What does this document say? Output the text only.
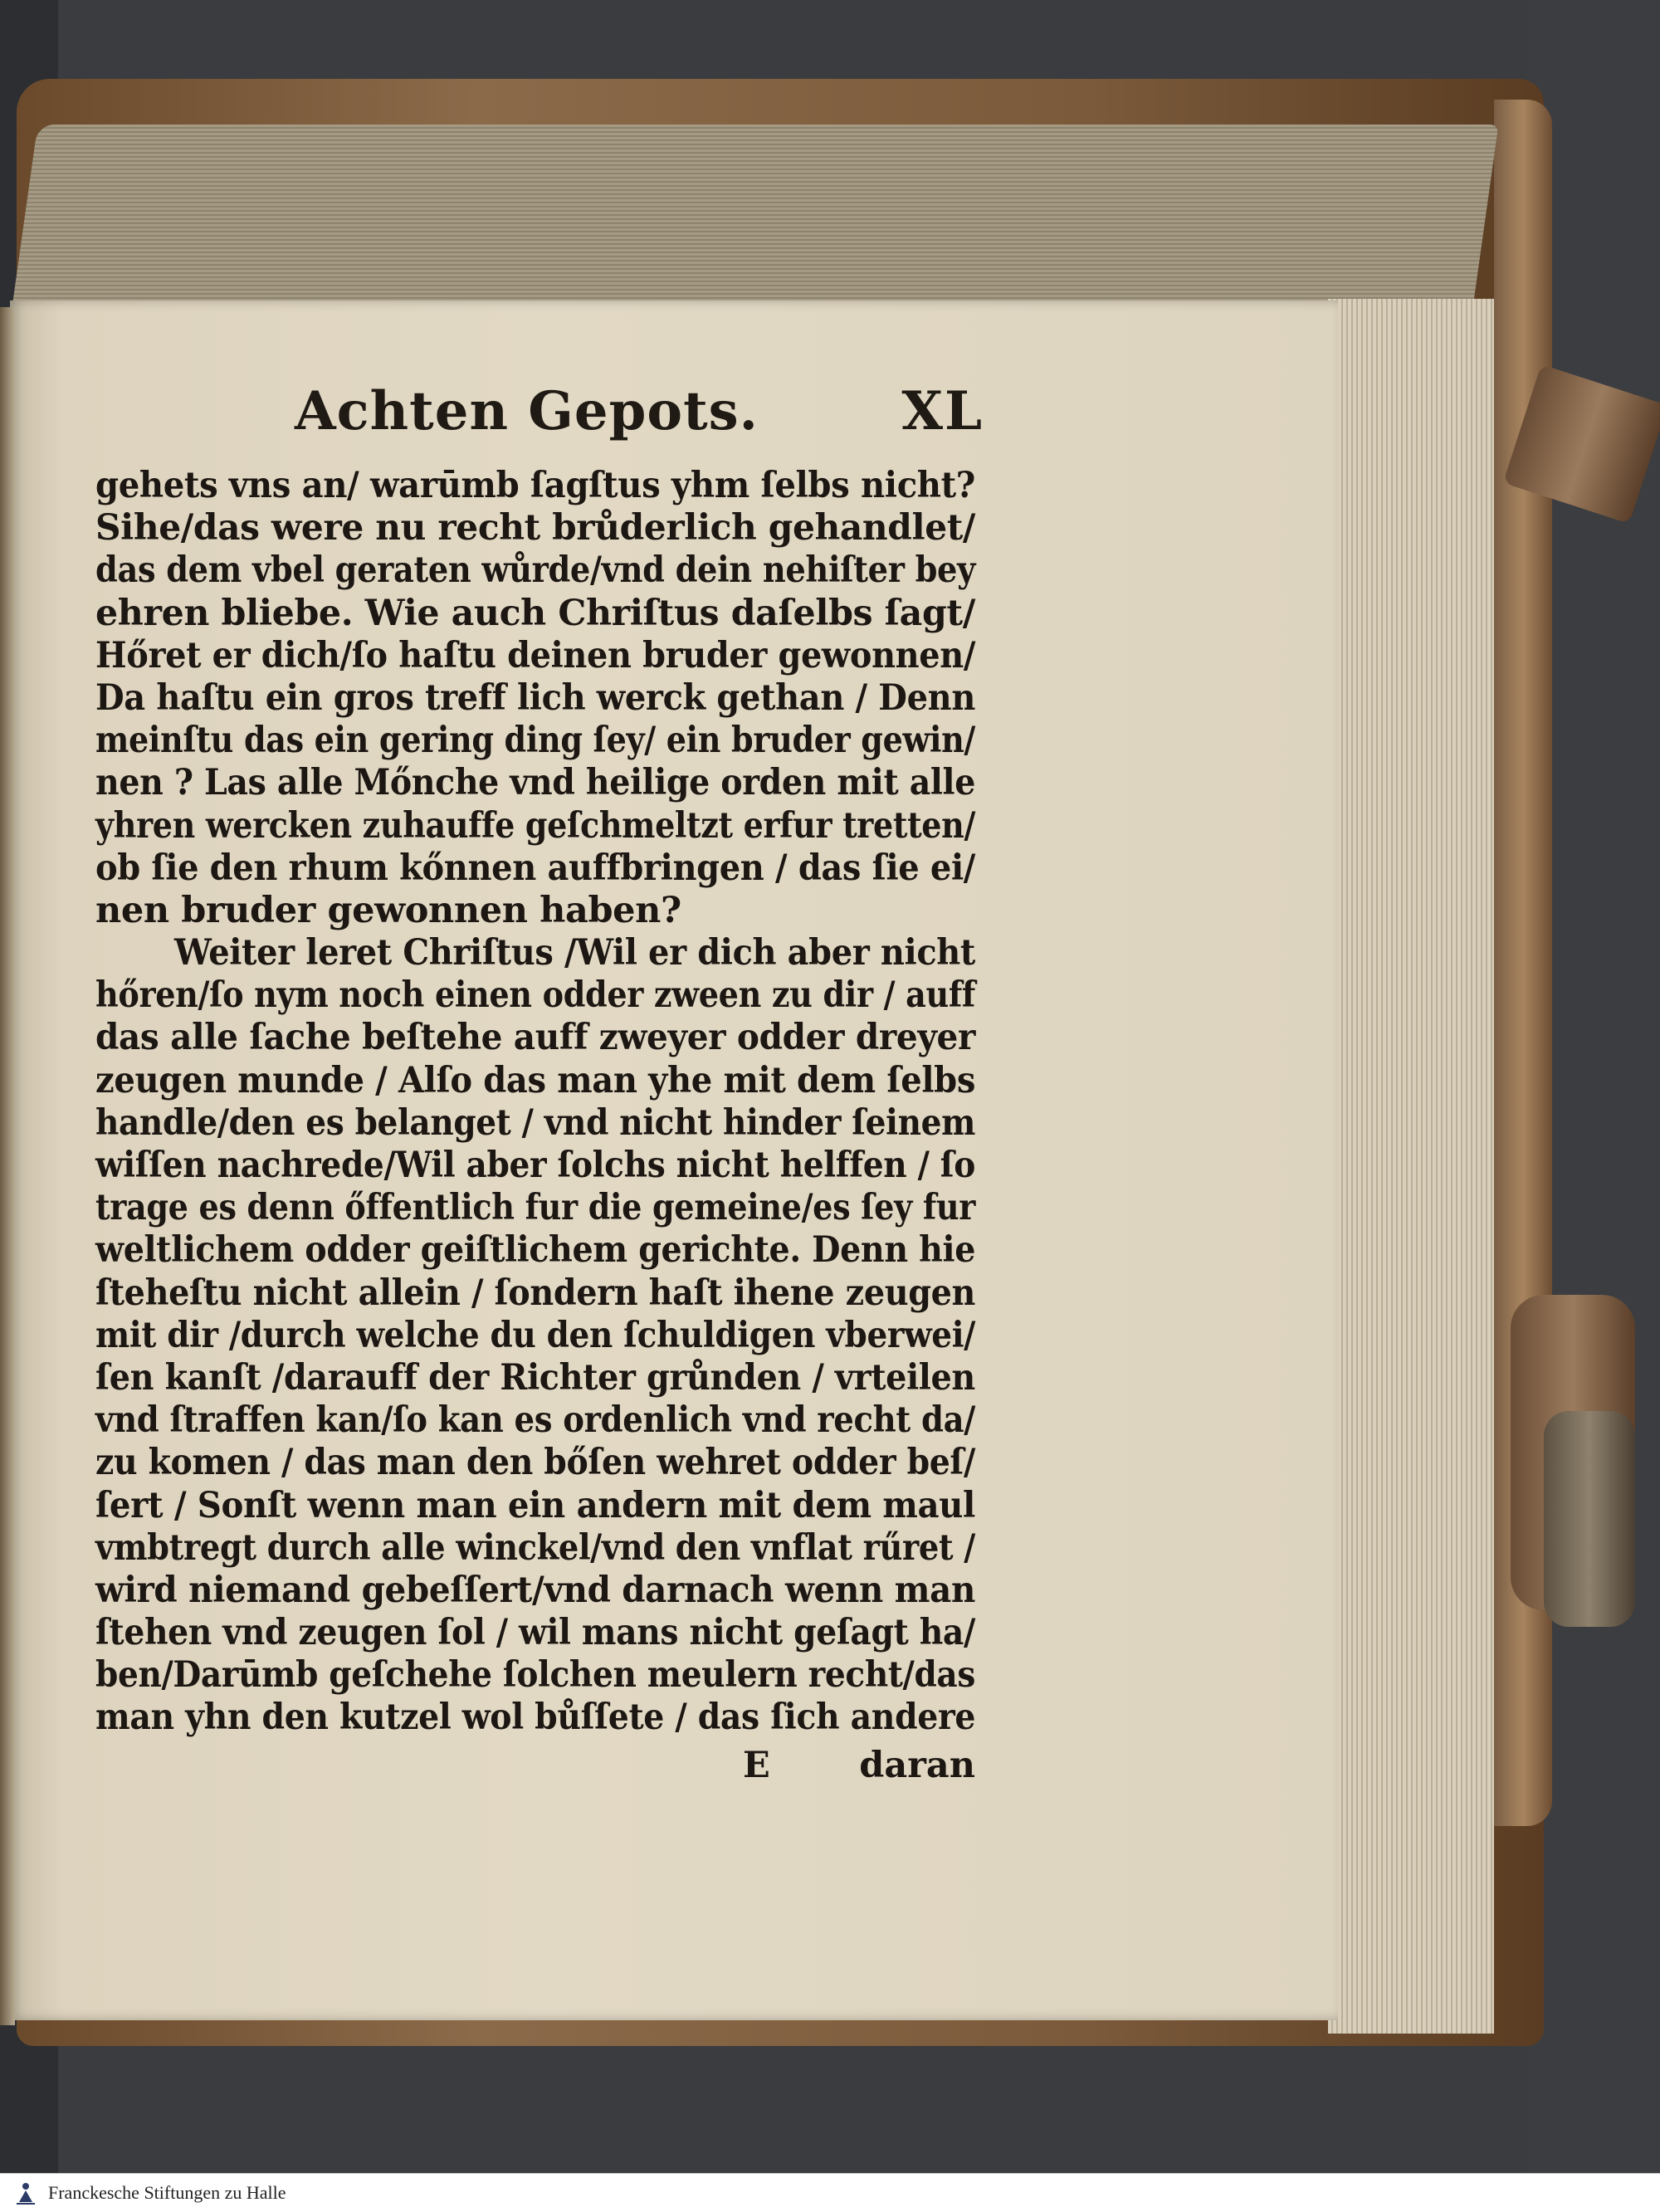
Achten Gepots.	XL
gehets vns an/ warūmb ſagſtus yhm ſelbs nicht?
Sihe/das were nu recht brůderlich gehandlet/
das dem vbel geraten wůrde/vnd dein nehiſter bey
ehren bliebe. Wie auch Chriſtus daſelbs ſagt/
Hőret er dich/ſo haſtu deinen bruder gewonnen/
Da haſtu ein gros treff lich werck gethan / Denn
meinſtu das ein gering ding ſey/ ein bruder gewin/
nen ? Las alle Mőnche vnd heilige orden mit alle
yhren wercken zuhauffe geſchmeltzt erfur tretten/
ob ſie den rhum kőnnen auffbringen / das ſie ei/
nen bruder gewonnen haben?
Weiter leret Chriſtus /Wil er dich aber nicht
hőren/ſo nym noch einen odder zween zu dir / auff
das alle ſache beſtehe auff zweyer odder dreyer
zeugen munde / Alſo das man yhe mit dem ſelbs
handle/den es belanget / vnd nicht hinder ſeinem
wiſſen nachrede/Wil aber ſolchs nicht helffen / ſo
trage es denn őffentlich fur die gemeine/es ſey fur
weltlichem odder geiſtlichem gerichte. Denn hie
ſteheſtu nicht allein / ſondern haſt ihene zeugen
mit dir /durch welche du den ſchuldigen vberwei/
ſen kanſt /darauff der Richter grůnden / vrteilen
vnd ſtraffen kan/ſo kan es ordenlich vnd recht da/
zu komen / das man den bőſen wehret odder beſ/
ſert / Sonſt wenn man ein andern mit dem maul
vmbtregt durch alle winckel/vnd den vnflat rűret /
wird niemand gebeſſert/vnd darnach wenn man
ſtehen vnd zeugen ſol / wil mans nicht geſagt ha/
ben/Darūmb geſchehe ſolchen meulern recht/das
man yhn den kutzel wol bůſſete / das ſich andere
E	daran
Franckesche Stiftungen zu Halle
